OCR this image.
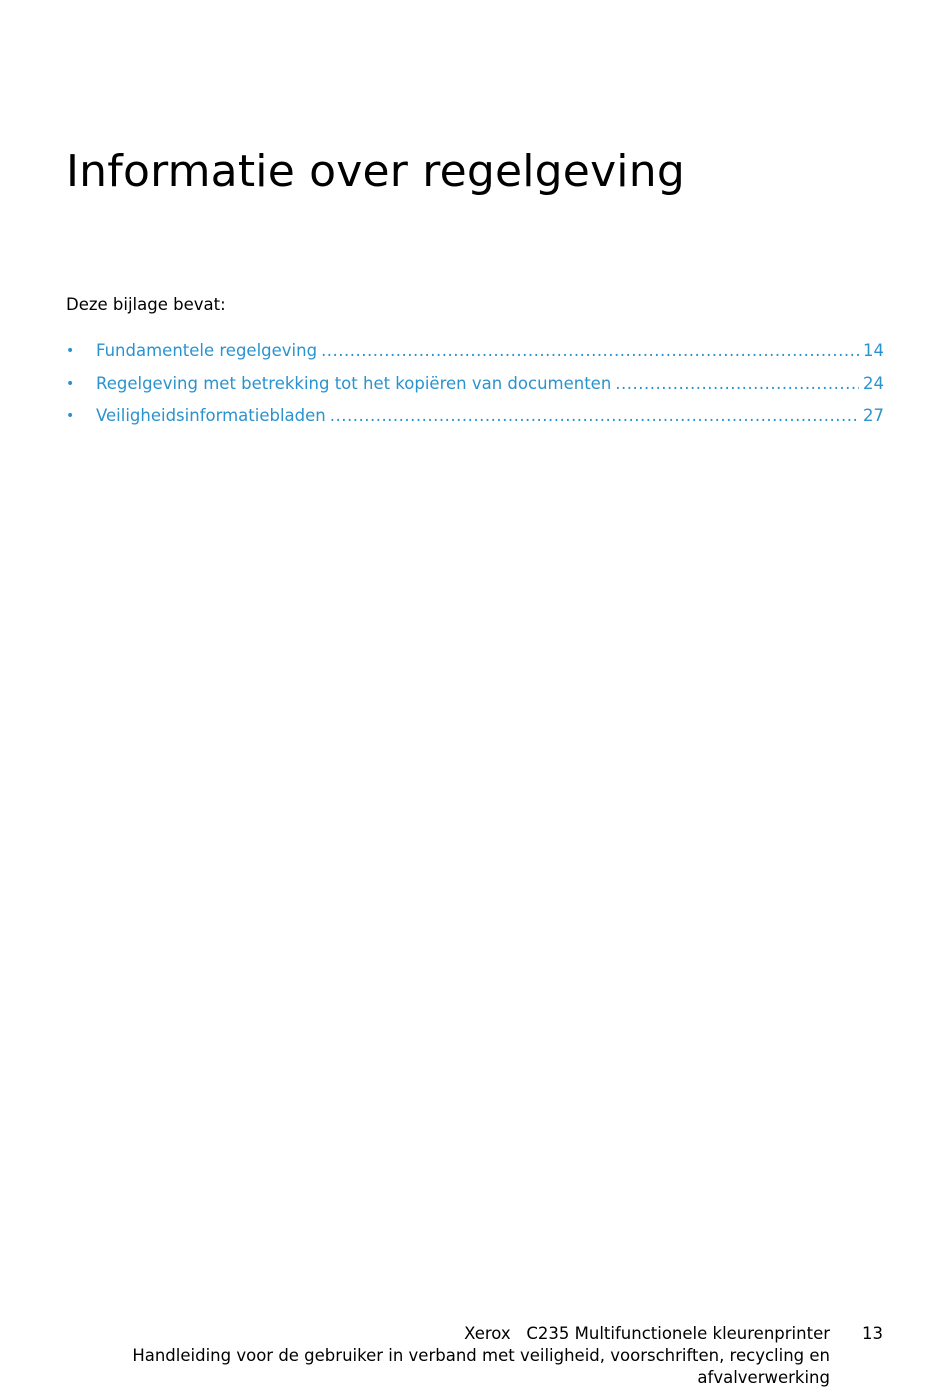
Informatie over regelgeving

Deze bijlage bevat:

•	Fundamentele regelgeving .....	14
•	Regelgeving met betrekking tot het kopiëren van documenten .....	24
•	Veiligheidsinformatiebladen .....	27
Xerox   C235 Multifunctionele kleurenprinter
Handleiding voor de gebruiker in verband met veiligheid, voorschriften, recycling en
afvalverwerking
13
